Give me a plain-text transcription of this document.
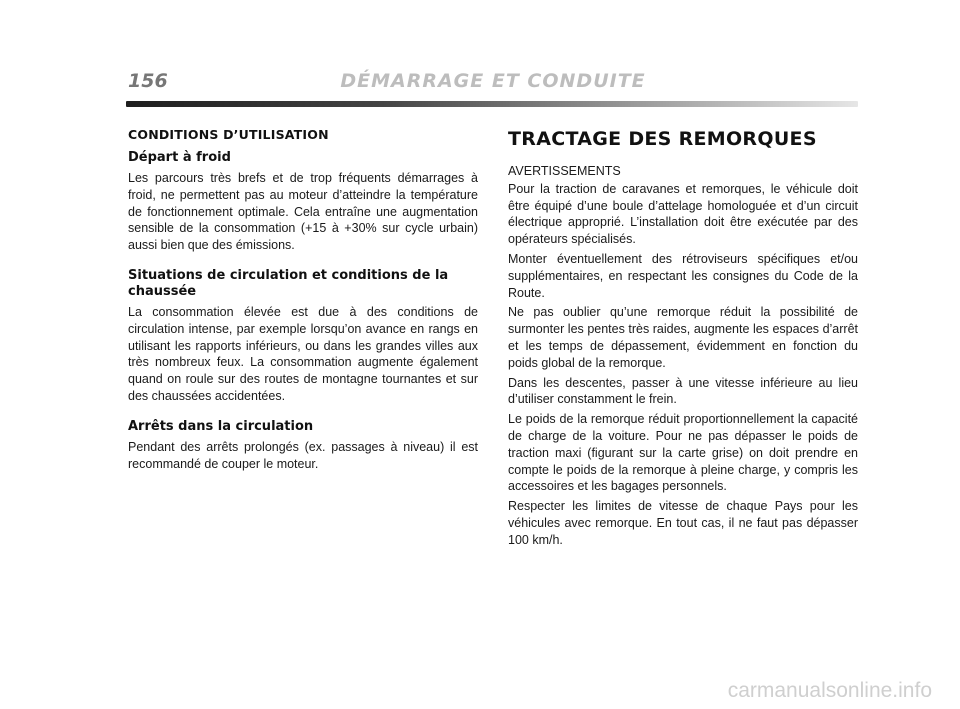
156	DÉMARRAGE ET CONDUITE
CONDITIONS D’UTILISATION
Départ à froid

Les parcours très brefs et de trop fréquents démarrages à froid, ne permettent pas au moteur d’atteindre la température de fonctionnement optimale. Cela entraîne une augmentation sensible de la consommation (+15 à +30% sur cycle urbain) aussi bien que des émissions.

Situations de circulation et conditions de la chaussée

La consommation élevée est due à des conditions de circulation intense, par exemple lorsqu’on avance en rangs en utilisant les rapports inférieurs, ou dans les grandes villes aux très nombreux feux. La consommation augmente également quand on roule sur des routes de montagne tournantes et sur des chaussées accidentées.

Arrêts dans la circulation

Pendant des arrêts prolongés (ex. passages à niveau) il est recommandé de couper le moteur.

TRACTAGE DES REMORQUES

AVERTISSEMENTS

Pour la traction de caravanes et remorques, le véhicule doit être équipé d’une boule d’attelage homologuée et d’un circuit électrique approprié. L’installation doit être exécutée par des opérateurs spécialisés.

Monter éventuellement des rétroviseurs spécifiques et/ou supplémentaires, en respectant les consignes du Code de la Route.

Ne pas oublier qu’une remorque réduit la possibilité de surmonter les pentes très raides, augmente les espaces d’arrêt et les temps de dépassement, évidemment en fonction du poids global de la remorque.

Dans les descentes, passer à une vitesse inférieure au lieu d’utiliser constamment le frein.

Le poids de la remorque réduit proportionnellement la capacité de charge de la voiture. Pour ne pas dépasser le poids de traction maxi (figurant sur la carte grise) on doit prendre en compte le poids de la remorque à pleine charge, y compris les accessoires et les bagages personnels.

Respecter les limites de vitesse de chaque Pays pour les véhicules avec remorque. En tout cas, il ne faut pas dépasser 100 km/h.

carmanualsonline.info
